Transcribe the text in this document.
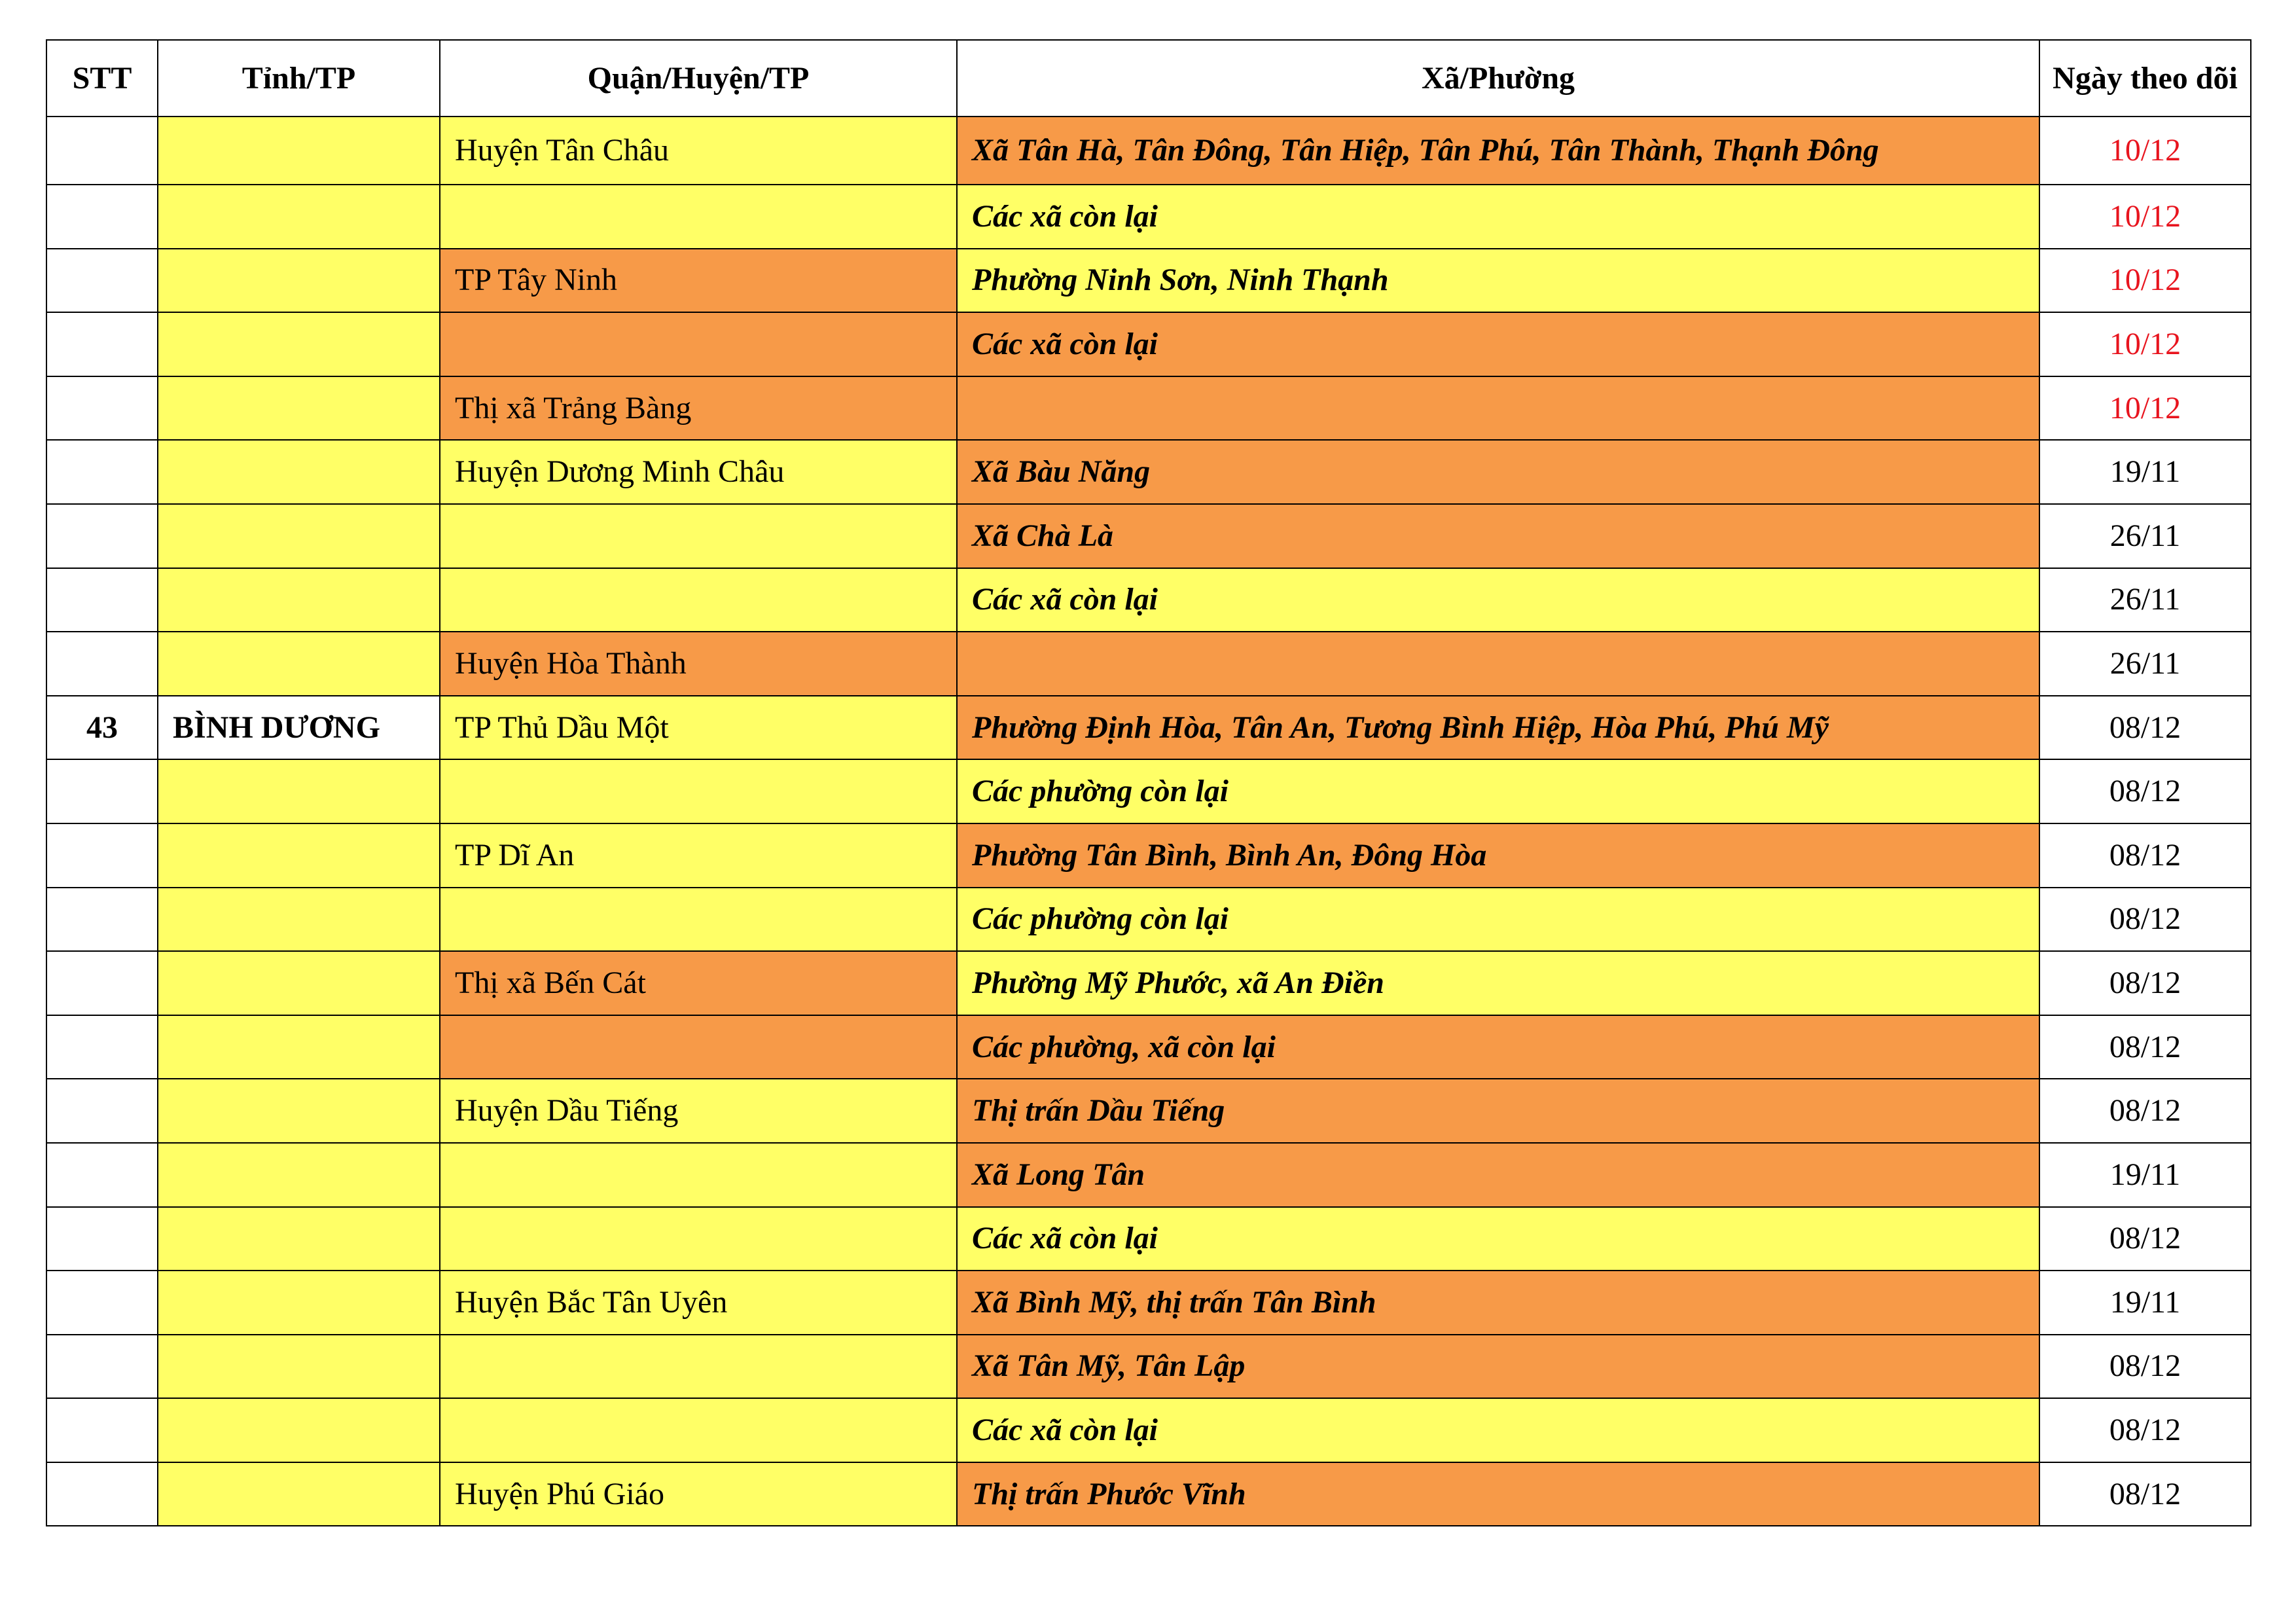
STT	Tỉnh/TP	Quận/Huyện/TP	Xã/Phường	Ngày theo dõi
		Huyện Tân Châu	Xã Tân Hà, Tân Đông, Tân Hiệp, Tân Phú, Tân Thành, Thạnh Đông	10/12
			Các xã còn lại	10/12
		TP Tây Ninh	Phường Ninh Sơn, Ninh Thạnh	10/12
			Các xã còn lại	10/12
		Thị xã Trảng Bàng		10/12
		Huyện Dương Minh Châu	Xã Bàu Năng	19/11
			Xã Chà Là	26/11
			Các xã còn lại	26/11
		Huyện Hòa Thành		26/11
43	BÌNH DƯƠNG	TP Thủ Dầu Một	Phường Định Hòa, Tân An, Tương Bình Hiệp, Hòa Phú, Phú Mỹ	08/12
			Các phường còn lại	08/12
		TP Dĩ An	Phường Tân Bình, Bình An, Đông Hòa	08/12
			Các phường còn lại	08/12
		Thị xã Bến Cát	Phường Mỹ Phước, xã An Điền	08/12
			Các phường, xã còn lại	08/12
		Huyện Dầu Tiếng	Thị trấn Dầu Tiếng	08/12
			Xã Long Tân	19/11
			Các xã còn lại	08/12
		Huyện Bắc Tân Uyên	Xã Bình Mỹ, thị trấn Tân Bình	19/11
			Xã Tân Mỹ, Tân Lập	08/12
			Các xã còn lại	08/12
		Huyện Phú Giáo	Thị trấn Phước Vĩnh	08/12
